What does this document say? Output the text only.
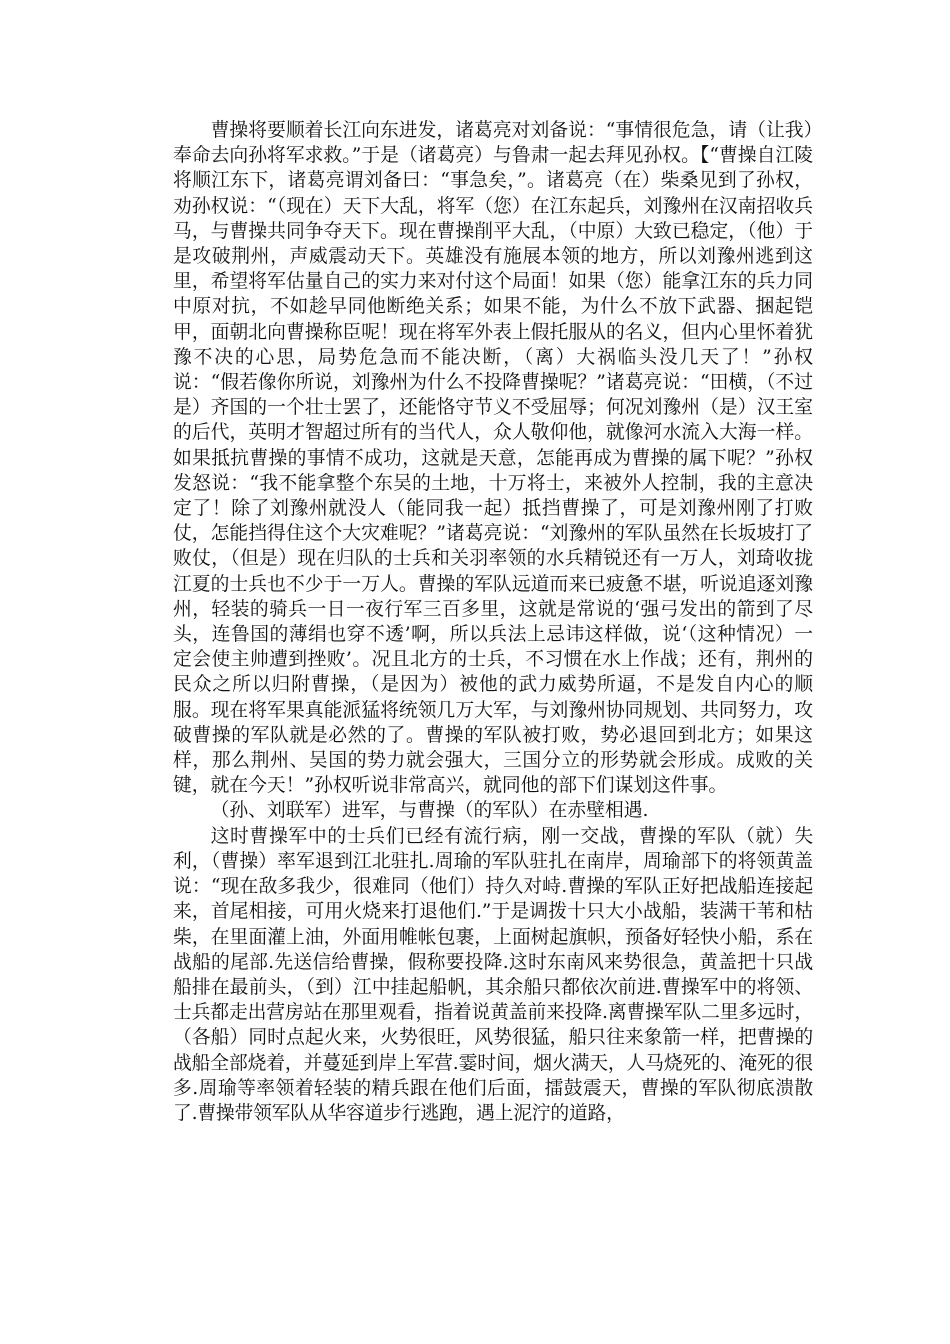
曹操将要顺着长江向东进发，诸葛亮对刘备说：“事情很危急，请（让我）奉命去向孙将军求救。”于是（诸葛亮）与鲁肃一起去拜见孙权。【“曹操自江陵将顺江东下，诸葛亮谓刘备曰：“事急矣，”。诸葛亮（在）柴桑见到了孙权，劝孙权说：“（现在）天下大乱，将军（您）在江东起兵，刘豫州在汉南招收兵马，与曹操共同争夺天下。现在曹操削平大乱，（中原）大致已稳定，（他）于是攻破荆州，声威震动天下。英雄没有施展本领的地方，所以刘豫州逃到这里，希望将军估量自己的实力来对付这个局面！如果（您）能拿江东的兵力同中原对抗，不如趁早同他断绝关系；如果不能，为什么不放下武器、捆起铠甲，面朝北向曹操称臣呢！现在将军外表上假托服从的名义，但内心里怀着犹豫不决的心思，局势危急而不能决断，（离）大祸临头没几天了！”孙权说：“假若像你所说，刘豫州为什么不投降曹操呢？”诸葛亮说：“田横，（不过是）齐国的一个壮士罢了，还能恪守节义不受屈辱；何况刘豫州（是）汉王室的后代，英明才智超过所有的当代人，众人敬仰他，就像河水流入大海一样。如果抵抗曹操的事情不成功，这就是天意，怎能再成为曹操的属下呢？”孙权发怒说：“我不能拿整个东吴的土地，十万将士，来被外人控制，我的主意决定了！除了刘豫州就没人（能同我一起）抵挡曹操了，可是刘豫州刚了打败仗，怎能挡得住这个大灾难呢？”诸葛亮说：“刘豫州的军队虽然在长坂坡打了败仗，（但是）现在归队的士兵和关羽率领的水兵精锐还有一万人，刘琦收拢江夏的士兵也不少于一万人。曹操的军队远道而来已疲惫不堪，听说追逐刘豫州，轻装的骑兵一日一夜行军三百多里，这就是常说的‘强弓发出的箭到了尽头，连鲁国的薄绢也穿不透’啊，所以兵法上忌讳这样做，说‘（这种情况）一定会使主帅遭到挫败’。况且北方的士兵，不习惯在水上作战；还有，荆州的民众之所以归附曹操，（是因为）被他的武力威势所逼，不是发自内心的顺服。现在将军果真能派猛将统领几万大军，与刘豫州协同规划、共同努力，攻破曹操的军队就是必然的了。曹操的军队被打败，势必退回到北方；如果这样，那么荆州、吴国的势力就会强大，三国分立的形势就会形成。成败的关键，就在今天！”孙权听说非常高兴，就同他的部下们谋划这件事。

（孙、刘联军）进军，与曹操（的军队）在赤壁相遇.

这时曹操军中的士兵们已经有流行病，刚一交战，曹操的军队（就）失利，（曹操）率军退到江北驻扎.周瑜的军队驻扎在南岸，周瑜部下的将领黄盖说：“现在敌多我少，很难同（他们）持久对峙.曹操的军队正好把战船连接起来，首尾相接，可用火烧来打退他们.”于是调拨十只大小战船，装满干苇和枯柴，在里面灌上油，外面用帷帐包裹，上面树起旗帜，预备好轻快小船，系在战船的尾部.先送信给曹操，假称要投降.这时东南风来势很急，黄盖把十只战船排在最前头，（到）江中挂起船帆，其余船只都依次前进.曹操军中的将领、士兵都走出营房站在那里观看，指着说黄盖前来投降.离曹操军队二里多远时，（各船）同时点起火来，火势很旺，风势很猛，船只往来象箭一样，把曹操的战船全部烧着，并蔓延到岸上军营.霎时间，烟火满天，人马烧死的、淹死的很多.周瑜等率领着轻装的精兵跟在他们后面，擂鼓震天，曹操的军队彻底溃散了.曹操带领军队从华容道步行逃跑，遇上泥泞的道路，
